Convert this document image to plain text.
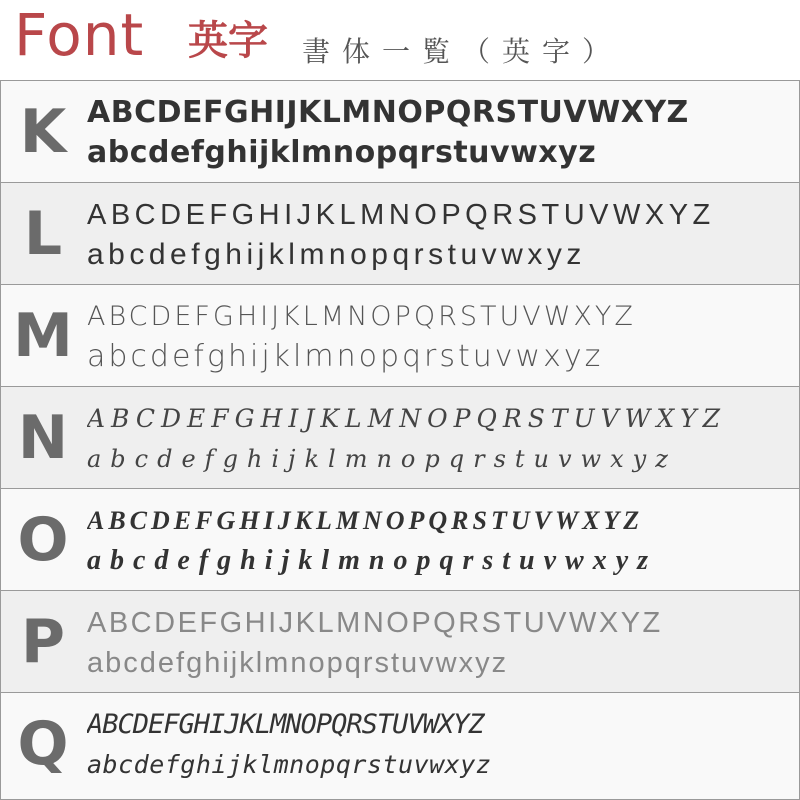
Font 英字 書体一覧（英字）
K ABCDEFGHIJKLMNOPQRSTUVWXYZ
abcdefghijklmnopqrstuvwxyz
L ABCDEFGHIJKLMNOPQRSTUVWXYZ
abcdefghijklmnopqrstuvwxyz
M ABCDEFGHIJKLMNOPQRSTUVWXYZ
abcdefghijklmnopqrstuvwxyz
N ABCDEFGHIJKLMNOPQRSTUVWXYZ
abcdefghijklmnopqrstuvwxyz
O ABCDEFGHIJKLMNOPQRSTUVWXYZ
abcdefghijklmnopqrstuvwxyz
P ABCDEFGHIJKLMNOPQRSTUVWXYZ
abcdefghijklmnopqrstuvwxyz
Q ABCDEFGHIJKLMNOPQRSTUVWXYZ
abcdefghijklmnopqrstuvwxyz
